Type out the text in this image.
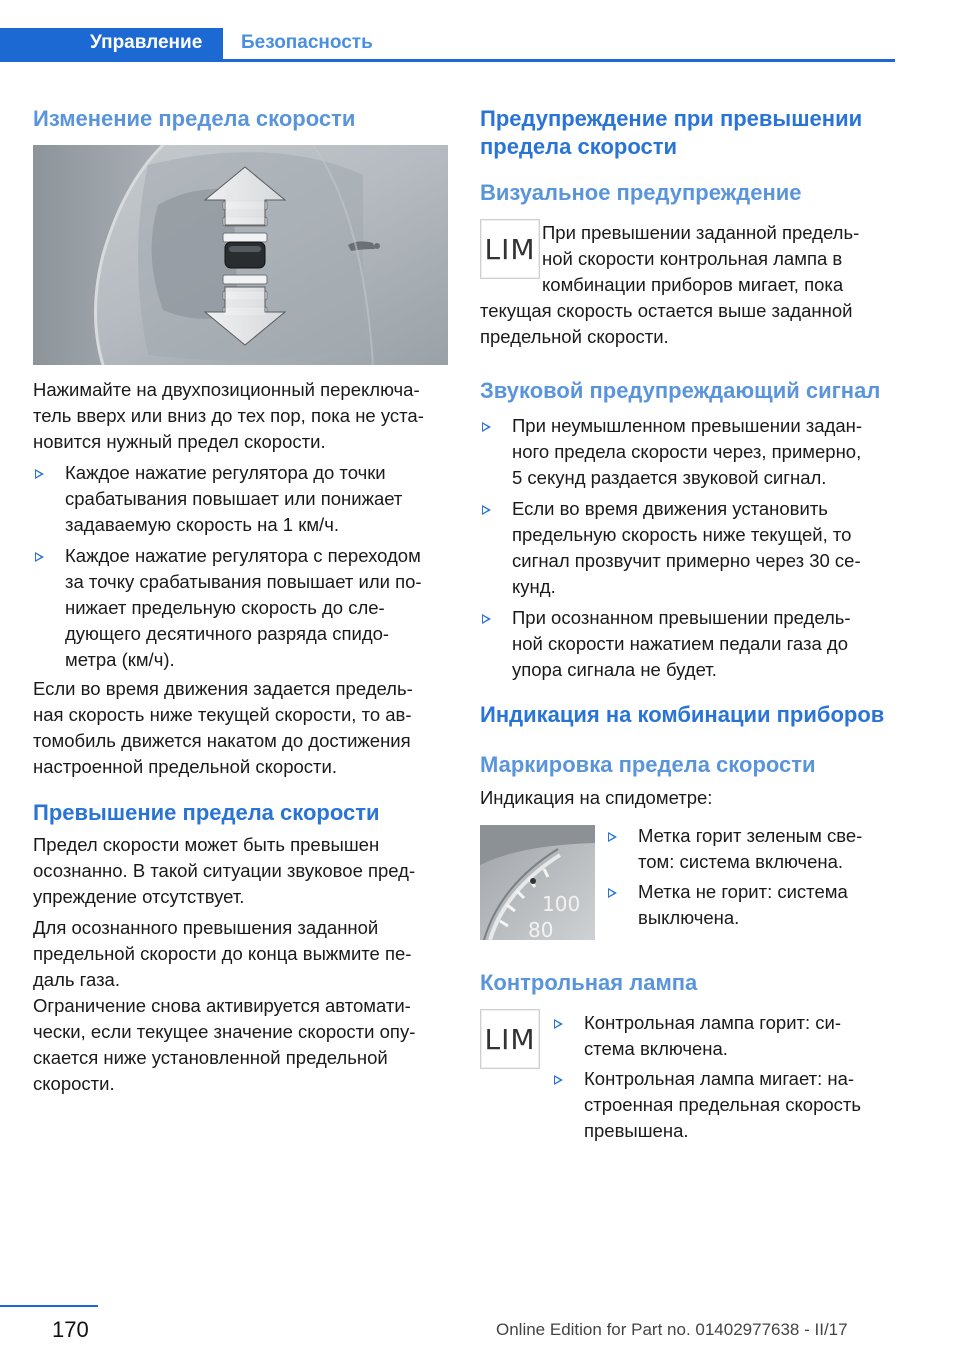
Управление	Безопасность
Изменение предела скорости

Нажимайте на двухпозиционный переключа-

тель вверх или вниз до тех пор, пока не уста-

новится нужный предел скорости.

Каждое нажатие регулятора до точки

срабатывания повышает или понижает

задаваемую скорость на 1 км/ч.

Каждое нажатие регулятора с переходом

за точку срабатывания повышает или по-

нижает предельную скорость до сле-

дующего десятичного разряда спидо-

метра (км/ч).

Если во время движения задается предель-

ная скорость ниже текущей скорости, то ав-

томобиль движется накатом до достижения

настроенной предельной скорости.

Превышение предела скорости

Предел скорости может быть превышен

осознанно. В такой ситуации звуковое пред-

упреждение отсутствует.

Для осознанного превышения заданной

предельной скорости до конца выжмите пе-

даль газа.

Ограничение снова активируется автомати-

чески, если текущее значение скорости опу-

скается ниже установленной предельной

скорости.

Предупреждение при превышении
предела скорости
Визуальное предупреждение
LIM При превышении заданной предель-

ной скорости контрольная лампа в

комбинации приборов мигает, пока

текущая скорость остается выше заданной

предельной скорости.

Звуковой предупреждающий сигнал

При неумышленном превышении задан-

ного предела скорости через, примерно,

5 секунд раздается звуковой сигнал.

Если во время движения установить

предельную скорость ниже текущей, то

сигнал прозвучит примерно через 30 се-

кунд.

При осознанном превышении предель-

ной скорости нажатием педали газа до

упора сигнала не будет.

Индикация на комбинации приборов
Маркировка предела скорости

Индикация на спидометре:

100
80

Метка горит зеленым све-

том: система включена.

Метка не горит: система

выключена.

Контрольная лампа
LIM	Контрольная лампа горит: си-

стема включена.

Контрольная лампа мигает: на-

строенная предельная скорость

превышена.

170	Online Edition for Part no. 01402977638 - II/17
